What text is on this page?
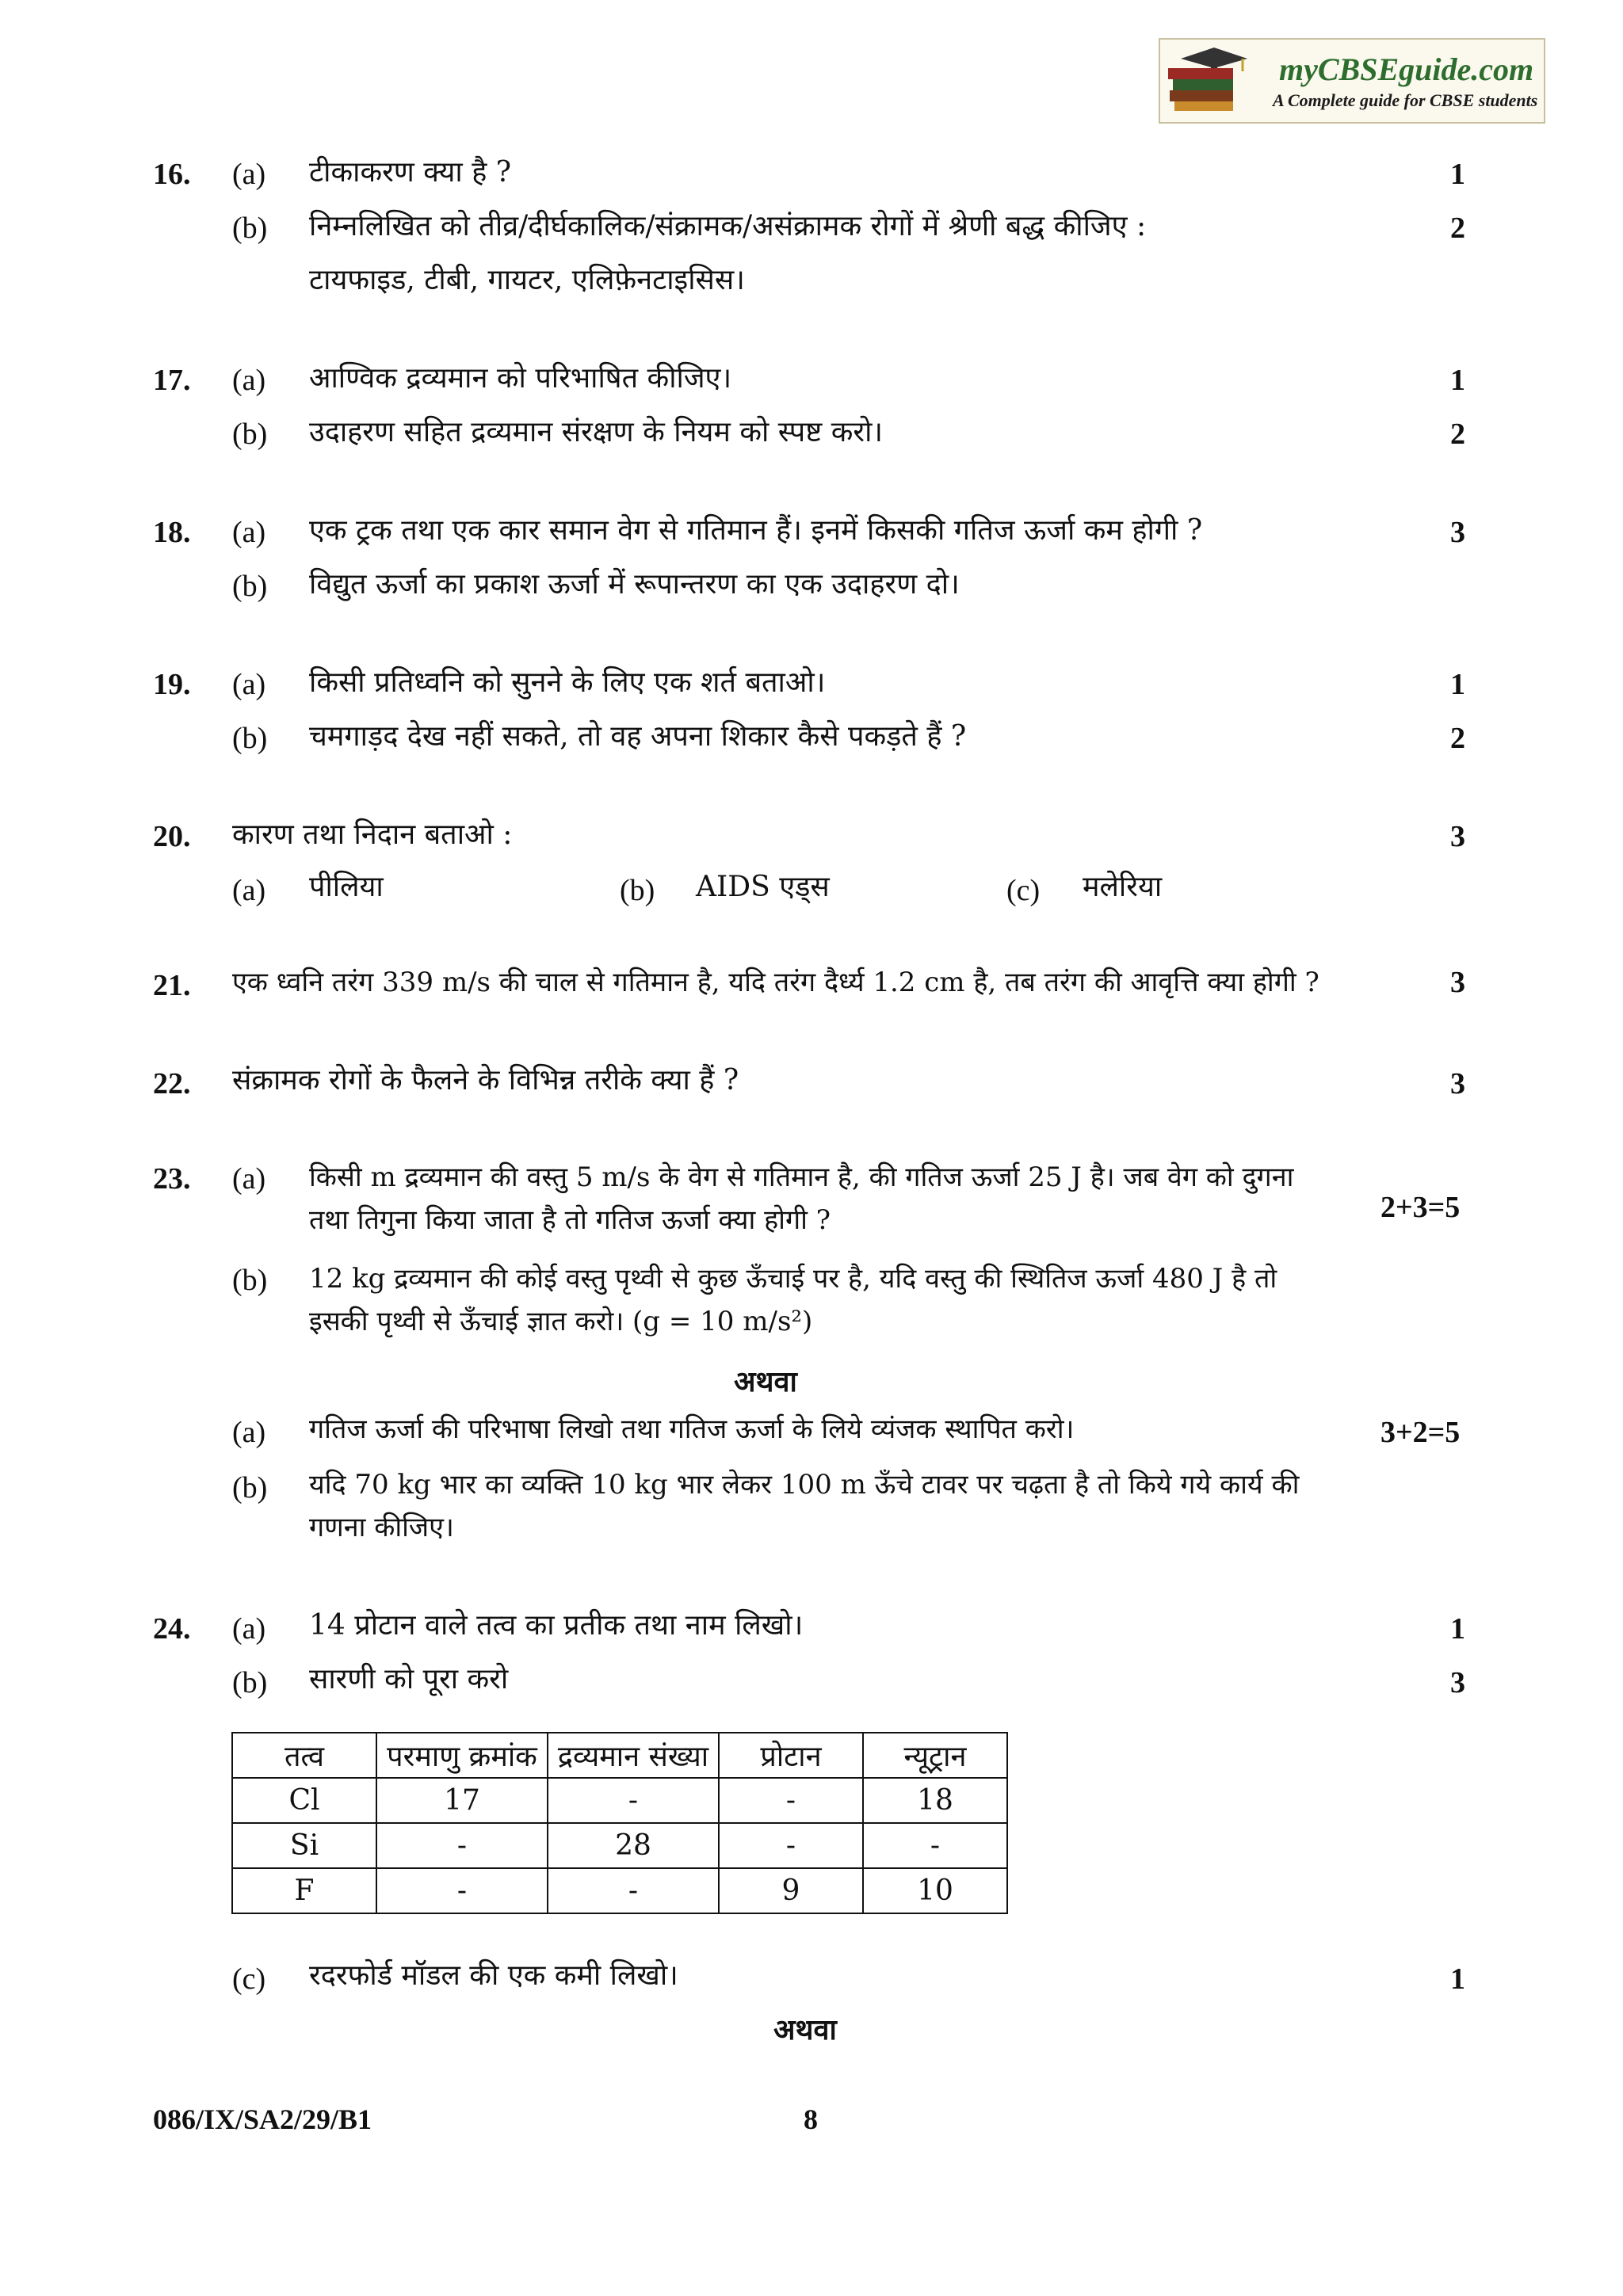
myCBSEguide.com
A Complete guide for CBSE students
16. (a) टीकाकरण क्या है ?	1
(b) निम्नलिखित को तीव्र/दीर्घकालिक/संक्रामक/असंक्रामक रोगों में श्रेणी बद्ध कीजिए :	2
टायफाइड, टीबी, गायटर, एलिफ़ेनटाइसिस।
17. (a) आण्विक द्रव्यमान को परिभाषित कीजिए।	1
(b) उदाहरण सहित द्रव्यमान संरक्षण के नियम को स्पष्ट करो।	2
18. (a) एक ट्रक तथा एक कार समान वेग से गतिमान हैं। इनमें किसकी गतिज ऊर्जा कम होगी ?	3
(b) विद्युत ऊर्जा का प्रकाश ऊर्जा में रूपान्तरण का एक उदाहरण दो।
19. (a) किसी प्रतिध्वनि को सुनने के लिए एक शर्त बताओ।	1
(b) चमगाड़द देख नहीं सकते, तो वह अपना शिकार कैसे पकड़ते हैं ?	2
20. कारण तथा निदान बताओ :	3
(a) पीलिया	(b) AIDS एड्स	(c) मलेरिया
21. एक ध्वनि तरंग 339 m/s की चाल से गतिमान है, यदि तरंग दैर्ध्य 1.2 cm है, तब तरंग की आवृत्ति क्या होगी ?	3
22. संक्रामक रोगों के फैलने के विभिन्न तरीके क्या हैं ?	3
23. (a) किसी m द्रव्यमान की वस्तु 5 m/s के वेग से गतिमान है, की गतिज ऊर्जा 25 J है। जब वेग को दुगना
तथा तिगुना किया जाता है तो गतिज ऊर्जा क्या होगी ?	2+3=5
(b) 12 kg द्रव्यमान की कोई वस्तु पृथ्वी से कुछ ऊँचाई पर है, यदि वस्तु की स्थितिज ऊर्जा 480 J है तो
इसकी पृथ्वी से ऊँचाई ज्ञात करो। (g = 10 m/s²)
अथवा
(a) गतिज ऊर्जा की परिभाषा लिखो तथा गतिज ऊर्जा के लिये व्यंजक स्थापित करो।	3+2=5
(b) यदि 70 kg भार का व्यक्ति 10 kg भार लेकर 100 m ऊँचे टावर पर चढ़ता है तो किये गये कार्य की
गणना कीजिए।
24. (a) 14 प्रोटान वाले तत्व का प्रतीक तथा नाम लिखो।	1
(b) सारणी को पूरा करो	3
तत्व	परमाणु क्रमांक	द्रव्यमान संख्या	प्रोटान	न्यूट्रान
Cl	17	-	-	18
Si	-	28	-	-
F	-	-	9	10
(c) रदरफोर्ड मॉडल की एक कमी लिखो।	1
अथवा
086/IX/SA2/29/B1	8
